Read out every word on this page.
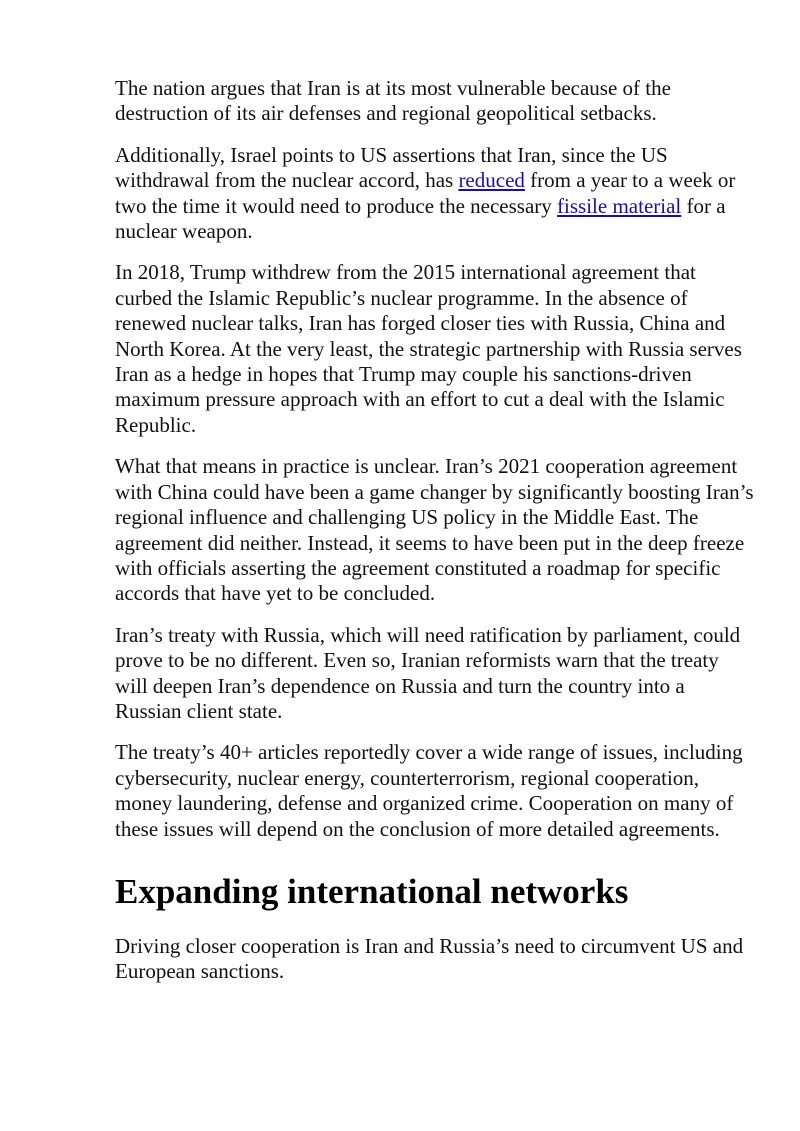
The nation argues that Iran is at its most vulnerable because of the destruction of its air defenses and regional geopolitical setbacks.

Additionally, Israel points to US assertions that Iran, since the US withdrawal from the nuclear accord, has reduced from a year to a week or two the time it would need to produce the necessary fissile material for a nuclear weapon.

In 2018, Trump withdrew from the 2015 international agreement that curbed the Islamic Republic’s nuclear programme. In the absence of renewed nuclear talks, Iran has forged closer ties with Russia, China and North Korea. At the very least, the strategic partnership with Russia serves Iran as a hedge in hopes that Trump may couple his sanctions-driven maximum pressure approach with an effort to cut a deal with the Islamic Republic.

What that means in practice is unclear. Iran’s 2021 cooperation agreement with China could have been a game changer by significantly boosting Iran’s regional influence and challenging US policy in the Middle East. The agreement did neither. Instead, it seems to have been put in the deep freeze with officials asserting the agreement constituted a roadmap for specific accords that have yet to be concluded.

Iran’s treaty with Russia, which will need ratification by parliament, could prove to be no different. Even so, Iranian reformists warn that the treaty will deepen Iran’s dependence on Russia and turn the country into a Russian client state.

The treaty’s 40+ articles reportedly cover a wide range of issues, including cybersecurity, nuclear energy, counterterrorism, regional cooperation, money laundering, defense and organized crime. Cooperation on many of these issues will depend on the conclusion of more detailed agreements.

Expanding international networks

Driving closer cooperation is Iran and Russia’s need to circumvent US and European sanctions.
